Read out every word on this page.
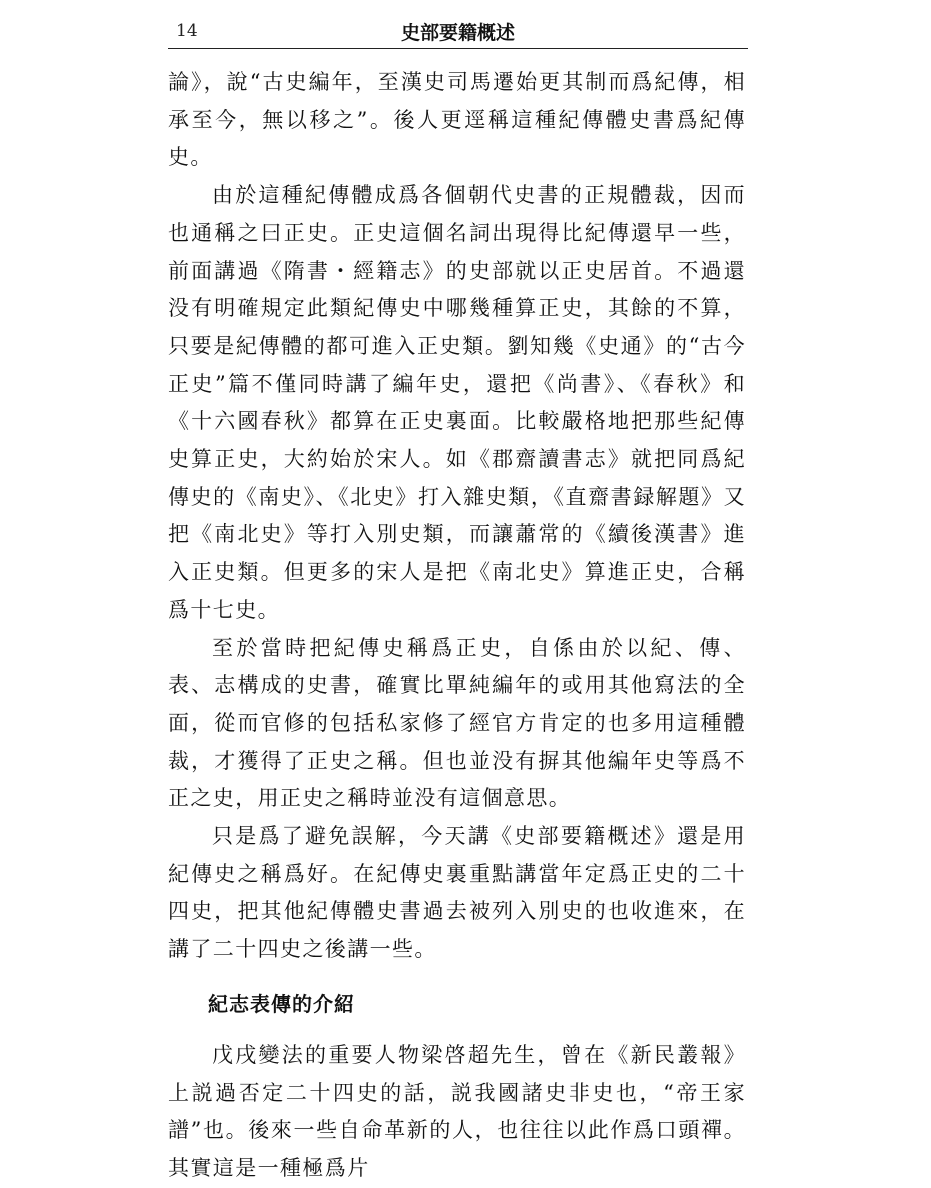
14	史部要籍概述

論》，說“古史編年，至漢史司馬遷始更其制而爲紀傳，相承至今，無以移之”。後人更逕稱這種紀傳體史書爲紀傳史。

由於這種紀傳體成爲各個朝代史書的正規體裁，因而也通稱之曰正史。正史這個名詞出現得比紀傳還早一些，前面講過《隋書・經籍志》的史部就以正史居首。不過還没有明確規定此類紀傳史中哪幾種算正史，其餘的不算，只要是紀傳體的都可進入正史類。劉知幾《史通》的“古今正史”篇不僅同時講了編年史，還把《尚書》、《春秋》和《十六國春秋》都算在正史裏面。比較嚴格地把那些紀傳史算正史，大約始於宋人。如《郡齋讀書志》就把同爲紀傳史的《南史》、《北史》打入雜史類，《直齋書録解題》又把《南北史》等打入別史類，而讓蕭常的《續後漢書》進入正史類。但更多的宋人是把《南北史》算進正史，合稱爲十七史。

至於當時把紀傳史稱爲正史，自係由於以紀、傳、表、志構成的史書，確實比單純編年的或用其他寫法的全面，從而官修的包括私家修了經官方肯定的也多用這種體裁，才獲得了正史之稱。但也並没有摒其他編年史等爲不正之史，用正史之稱時並没有這個意思。

只是爲了避免誤解，今天講《史部要籍概述》還是用紀傳史之稱爲好。在紀傳史裏重點講當年定爲正史的二十四史，把其他紀傳體史書過去被列入別史的也收進來，在講了二十四史之後講一些。

紀志表傳的介紹

戊戌變法的重要人物梁啓超先生，曾在《新民叢報》上説過否定二十四史的話，説我國諸史非史也，“帝王家譜”也。後來一些自命革新的人，也往往以此作爲口頭禪。其實這是一種極爲片
